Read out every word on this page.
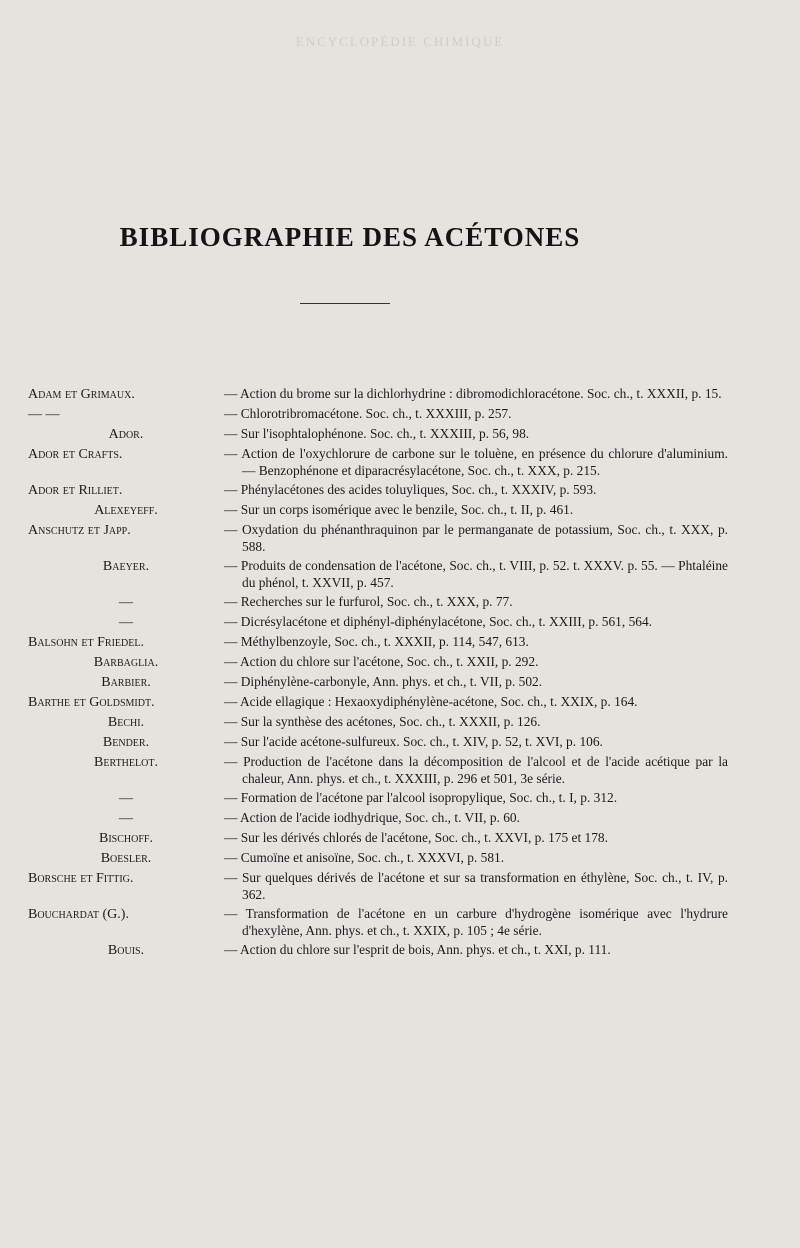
ENCYCLOPÉDIE CHIMIQUE
BIBLIOGRAPHIE DES ACÉTONES
Adam et Grimaux.	— Action du brome sur la dichlorhydrine : dibromodichloracétone. Soc. ch., t. XXXII, p. 15.
— —	— Chlorotribromacétone. Soc. ch., t. XXXIII, p. 257.
Ador.	— Sur l'isophtalophénone. Soc. ch., t. XXXIII, p. 56, 98.
Ador et Crafts.	— Action de l'oxychlorure de carbone sur le toluène, en présence du chlorure d'aluminium. — Benzophénone et diparacrésylacétone, Soc. ch., t. XXX, p. 215.
Ador et Rilliet.	— Phénylacétones des acides toluyliques, Soc. ch., t. XXXIV, p. 593.
Alexeyeff.	— Sur un corps isomérique avec le benzile, Soc. ch., t. II, p. 461.
Anschutz et Japp.	— Oxydation du phénanthraquinon par le permanganate de potassium, Soc. ch., t. XXX, p. 588.
Baeyer.	— Produits de condensation de l'acétone, Soc. ch., t. VIII, p. 52. t. XXXV. p. 55. — Phtaléine du phénol, t. XXVII, p. 457.
—	— Recherches sur le furfurol, Soc. ch., t. XXX, p. 77.
—	— Dicrésylacétone et diphényl-diphénylacétone, Soc. ch., t. XXIII, p. 561, 564.
Balsohn et Friedel.	— Méthylbenzoyle, Soc. ch., t. XXXII, p. 114, 547, 613.
Barbaglia.	— Action du chlore sur l'acétone, Soc. ch., t. XXII, p. 292.
Barbier.	— Diphénylène-carbonyle, Ann. phys. et ch., t. VII, p. 502.
Barthe et Goldsmidt.	— Acide ellagique : Hexaoxydiphénylène-acétone, Soc. ch., t. XXIX, p. 164.
Bechi.	— Sur la synthèse des acétones, Soc. ch., t. XXXII, p. 126.
Bender.	— Sur l'acide acétone-sulfureux. Soc. ch., t. XIV, p. 52, t. XVI, p. 106.
Berthelot.	— Production de l'acétone dans la décomposition de l'alcool et de l'acide acétique par la chaleur, Ann. phys. et ch., t. XXXIII, p. 296 et 501, 3e série.
—	— Formation de l'acétone par l'alcool isopropylique, Soc. ch., t. I, p. 312.
—	— Action de l'acide iodhydrique, Soc. ch., t. VII, p. 60.
Bischoff.	— Sur les dérivés chlorés de l'acétone, Soc. ch., t. XXVI, p. 175 et 178.
Boesler.	— Cumoïne et anisoïne, Soc. ch., t. XXXVI, p. 581.
Borsche et Fittig.	— Sur quelques dérivés de l'acétone et sur sa transformation en éthylène, Soc. ch., t. IV, p. 362.
Bouchardat (G.).	— Transformation de l'acétone en un carbure d'hydrogène isomérique avec l'hydrure d'hexylène, Ann. phys. et ch., t. XXIX, p. 105 ; 4e série.
Bouis.	— Action du chlore sur l'esprit de bois, Ann. phys. et ch., t. XXI, p. 111.
